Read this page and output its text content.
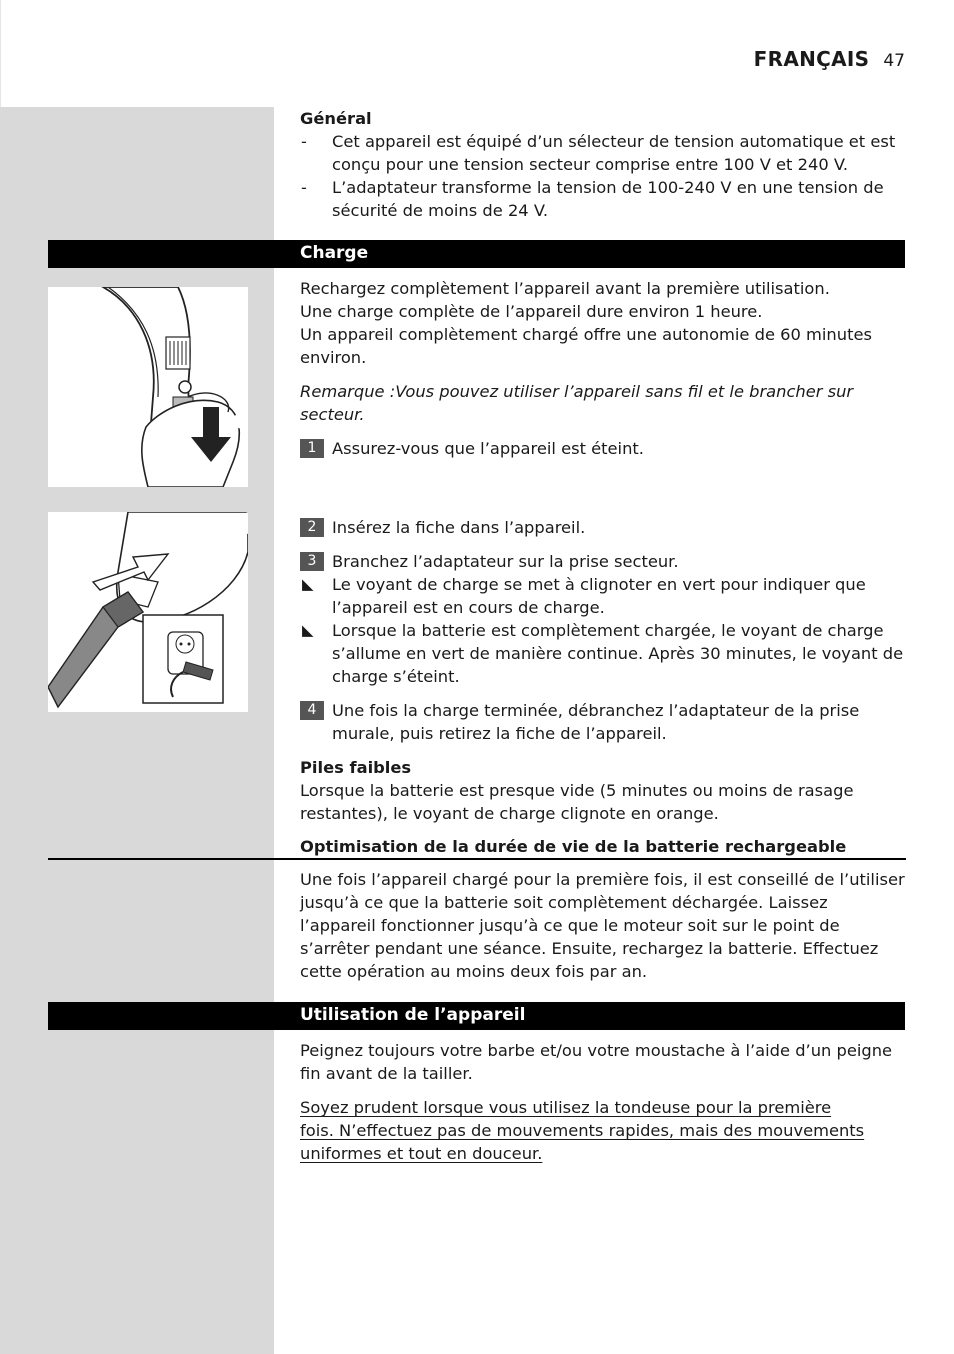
FRANÇAIS 47
Général
- Cet appareil est équipé d’un sélecteur de tension automatique et est conçu pour une tension secteur comprise entre 100 V et 240 V.
- L’adaptateur transforme la tension de 100-240 V en une tension de sécurité de moins de 24 V.
Charge
Rechargez complètement l’appareil avant la première utilisation.
Une charge complète de l’appareil dure environ 1 heure.
Un appareil complètement chargé offre une autonomie de 60 minutes environ.
Remarque :Vous pouvez utiliser l’appareil sans fil et le brancher sur secteur.
1 Assurez-vous que l’appareil est éteint.
2 Insérez la fiche dans l’appareil.
3 Branchez l’adaptateur sur la prise secteur.
◣ Le voyant de charge se met à clignoter en vert pour indiquer que l’appareil est en cours de charge.
◣ Lorsque la batterie est complètement chargée, le voyant de charge s’allume en vert de manière continue. Après 30 minutes, le voyant de charge s’éteint.
4 Une fois la charge terminée, débranchez l’adaptateur de la prise murale, puis retirez la fiche de l’appareil.
Piles faibles
Lorsque la batterie est presque vide (5 minutes ou moins de rasage restantes), le voyant de charge clignote en orange.
Optimisation de la durée de vie de la batterie rechargeable
Une fois l’appareil chargé pour la première fois, il est conseillé de l’utiliser jusqu’à ce que la batterie soit complètement déchargée. Laissez l’appareil fonctionner jusqu’à ce que le moteur soit sur le point de s’arrêter pendant une séance. Ensuite, rechargez la batterie. Effectuez cette opération au moins deux fois par an.
Utilisation de l’appareil
Peignez toujours votre barbe et/ou votre moustache à l’aide d’un peigne fin avant de la tailler.
Soyez prudent lorsque vous utilisez la tondeuse pour la première fois. N’effectuez pas de mouvements rapides, mais des mouvements uniformes et tout en douceur.
